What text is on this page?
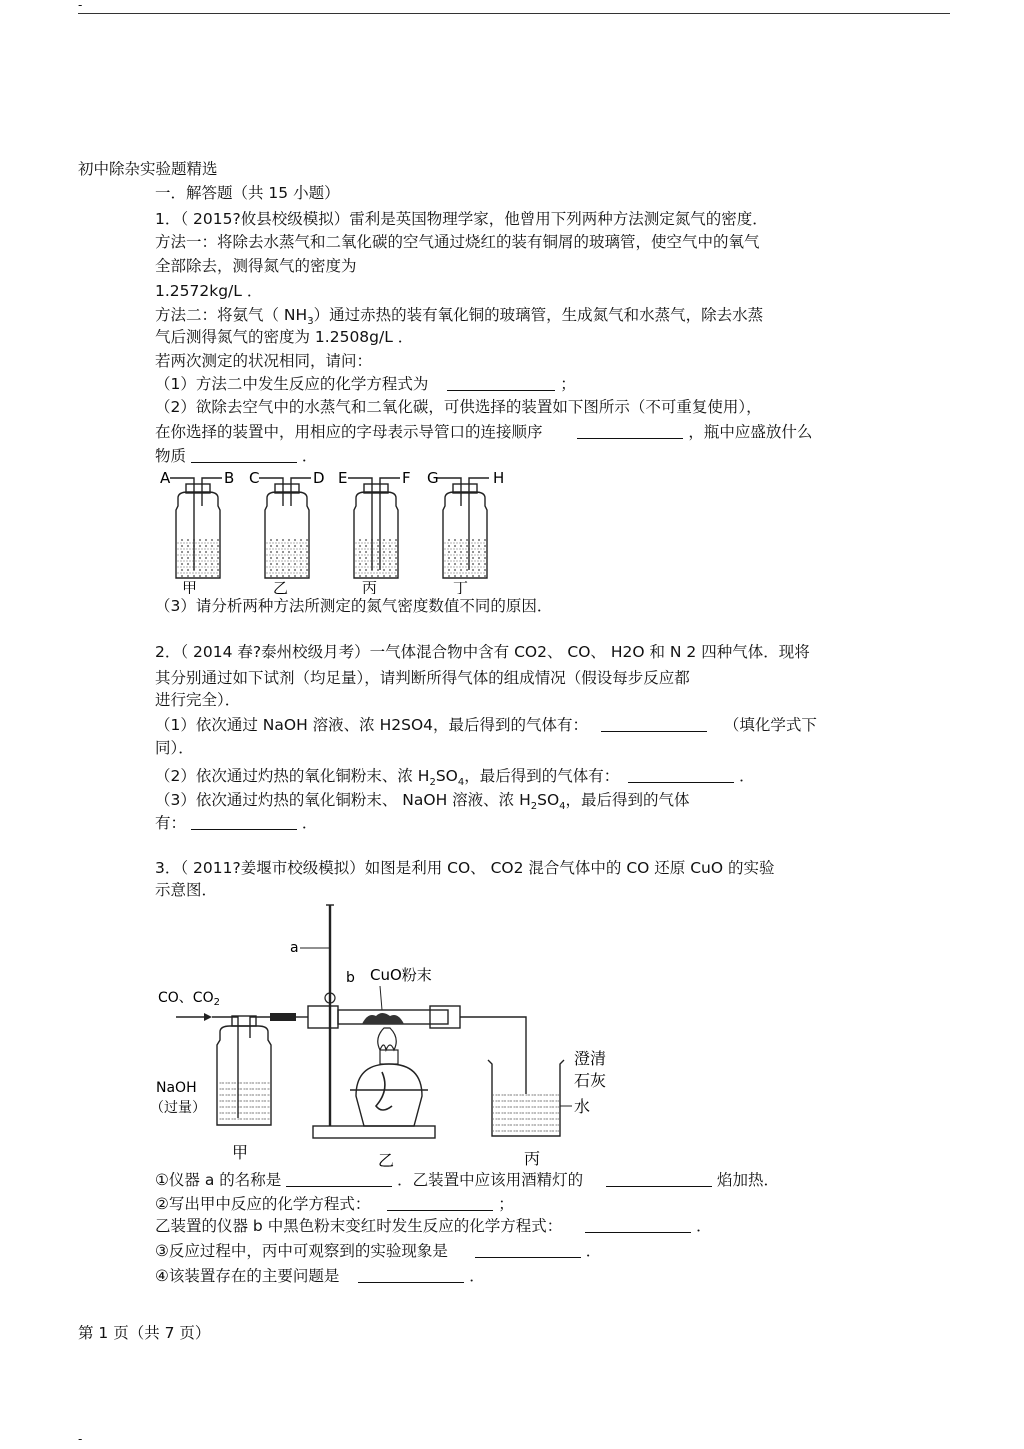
-
初中除杂实验题精选
一．解答题（共 15 小题）
1．（ 2015?攸县校级模拟）雷利是英国物理学家，他曾用下列两种方法测定氮气的密度．
方法一：将除去水蒸气和二氧化碳的空气通过烧红的装有铜屑的玻璃管，使空气中的氧气
全部除去，测得氮气的密度为
1.2572kg/L ．
方法二：将氨气（ $NH_3$）通过赤热的装有氧化铜的玻璃管，生成氮气和水蒸气，除去水蒸
气后测得氮气的密度为 1.2508g/L ．
若两次测定的状况相同，请问：
（1）方法二中发生反应的化学方程式为	；
（2）欲除去空气中的水蒸气和二氧化碳，可供选择的装置如下图所示（不可重复使用），
在你选择的装置中，用相应的字母表示导管口的连接顺序	，瓶中应盛放什么
物质	．
A	B
甲
C	D
乙
E	F
丙
G	H
丁
（3）请分析两种方法所测定的氮气密度数值不同的原因．
2．（ 2014 春?泰州校级月考）一气体混合物中含有 CO2、 CO、 H2O 和 N 2 四种气体．现将
其分别通过如下试剂（均足量），请判断所得气体的组成情况（假设每步反应都
进行完全）．
（1）依次通过 NaOH 溶液、浓 H2SO4，最后得到的气体有：	（填化学式下
同）．
（2）依次通过灼热的氧化铜粉末、浓 $H_2SO_4$，最后得到的气体有：	．
（3）依次通过灼热的氧化铜粉末、 NaOH 溶液、浓 $H_2SO_4$，最后得到的气体
有：	．
3．（ 2011?姜堰市校级模拟）如图是利用 CO、 CO2 混合气体中的 CO 还原 CuO 的实验
示意图．
CO、$CO_2$
NaOH
（过量）
甲
a
b CuO粉末
乙
澄清
石灰
水
丙
①仪器 a 的名称是	．乙装置中应该用酒精灯的	焰加热．
②写出甲中反应的化学方程式：	；
乙装置的仪器 b 中黑色粉末变红时发生反应的化学方程式：	．
③反应过程中，丙中可观察到的实验现象是	．
④该装置存在的主要问题是	．
第 1 页（共 7 页）
-
